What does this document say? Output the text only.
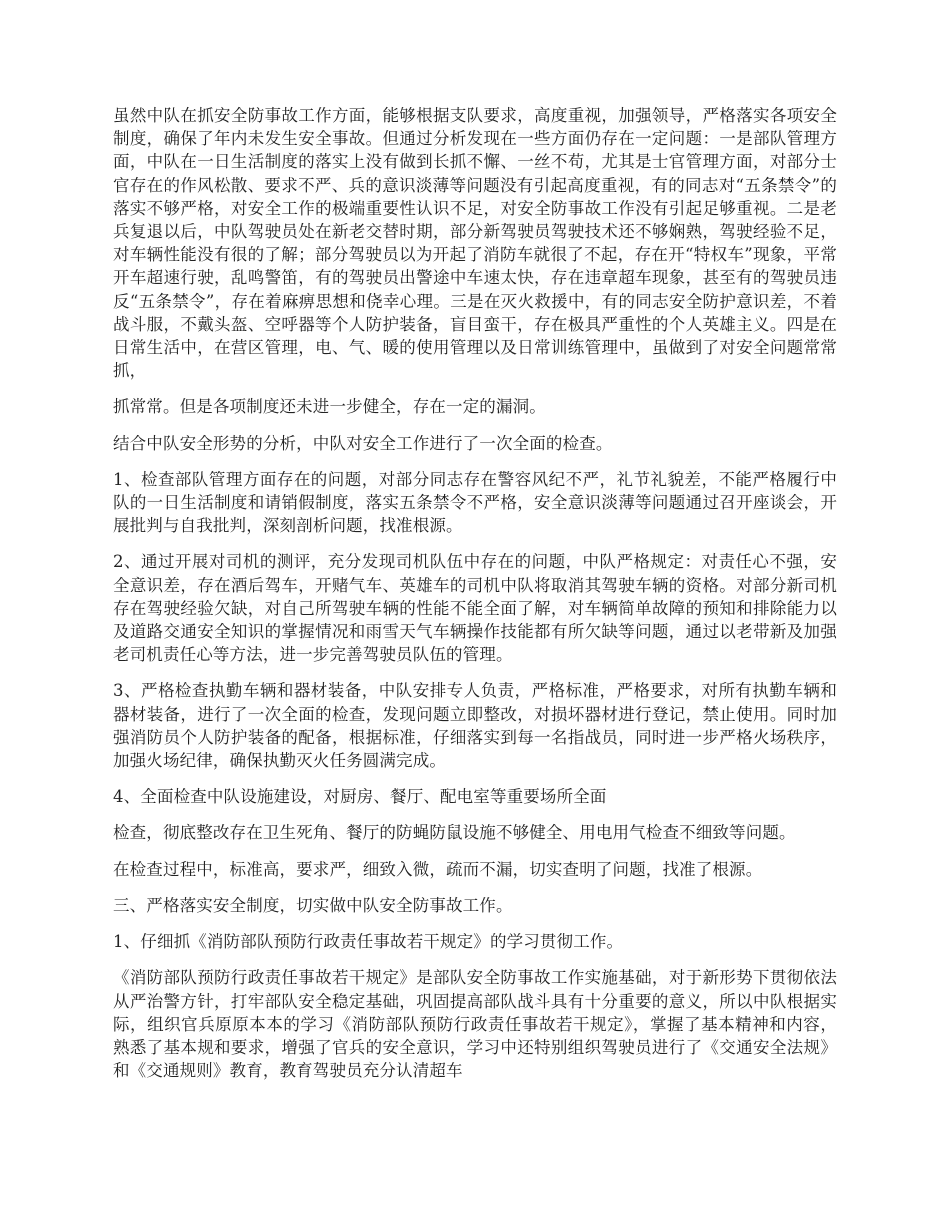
虽然中队在抓安全防事故工作方面，能够根据支队要求，高度重视，加强领导，严格落实各项安全制度，确保了年内未发生安全事故。但通过分析发现在一些方面仍存在一定问题：一是部队管理方面，中队在一日生活制度的落实上没有做到长抓不懈、一丝不苟，尤其是士官管理方面，对部分士官存在的作风松散、要求不严、兵的意识淡薄等问题没有引起高度重视，有的同志对“五条禁令”的落实不够严格，对安全工作的极端重要性认识不足，对安全防事故工作没有引起足够重视。二是老兵复退以后，中队驾驶员处在新老交替时期，部分新驾驶员驾驶技术还不够娴熟，驾驶经验不足，对车辆性能没有很的了解；部分驾驶员以为开起了消防车就很了不起，存在开“特权车”现象，平常开车超速行驶，乱鸣警笛，有的驾驶员出警途中车速太快，存在违章超车现象，甚至有的驾驶员违反“五条禁令”，存在着麻痹思想和侥幸心理。三是在灭火救援中，有的同志安全防护意识差，不着战斗服，不戴头盔、空呼器等个人防护装备，盲目蛮干，存在极具严重性的个人英雄主义。四是在日常生活中，在营区管理，电、气、暖的使用管理以及日常训练管理中，虽做到了对安全问题常常抓，

抓常常。但是各项制度还未进一步健全，存在一定的漏洞。

结合中队安全形势的分析，中队对安全工作进行了一次全面的检查。

1、检查部队管理方面存在的问题，对部分同志存在警容风纪不严，礼节礼貌差，不能严格履行中队的一日生活制度和请销假制度，落实五条禁令不严格，安全意识淡薄等问题通过召开座谈会，开展批判与自我批判，深刻剖析问题，找准根源。

2、通过开展对司机的测评，充分发现司机队伍中存在的问题，中队严格规定：对责任心不强，安全意识差，存在酒后驾车，开赌气车、英雄车的司机中队将取消其驾驶车辆的资格。对部分新司机存在驾驶经验欠缺，对自己所驾驶车辆的性能不能全面了解，对车辆简单故障的预知和排除能力以及道路交通安全知识的掌握情况和雨雪天气车辆操作技能都有所欠缺等问题，通过以老带新及加强老司机责任心等方法，进一步完善驾驶员队伍的管理。

3、严格检查执勤车辆和器材装备，中队安排专人负责，严格标准，严格要求，对所有执勤车辆和器材装备，进行了一次全面的检查，发现问题立即整改，对损坏器材进行登记，禁止使用。同时加强消防员个人防护装备的配备，根据标准，仔细落实到每一名指战员，同时进一步严格火场秩序，加强火场纪律，确保执勤灭火任务圆满完成。

4、全面检查中队设施建设，对厨房、餐厅、配电室等重要场所全面

检查，彻底整改存在卫生死角、餐厅的防蝇防鼠设施不够健全、用电用气检查不细致等问题。

在检查过程中，标准高，要求严，细致入微，疏而不漏，切实查明了问题，找准了根源。

三、严格落实安全制度，切实做中队安全防事故工作。

1、仔细抓《消防部队预防行政责任事故若干规定》的学习贯彻工作。

《消防部队预防行政责任事故若干规定》是部队安全防事故工作实施基础，对于新形势下贯彻依法从严治警方针，打牢部队安全稳定基础，巩固提高部队战斗具有十分重要的意义，所以中队根据实际，组织官兵原原本本的学习《消防部队预防行政责任事故若干规定》，掌握了基本精神和内容，熟悉了基本规和要求，增强了官兵的安全意识，学习中还特别组织驾驶员进行了《交通安全法规》和《交通规则》教育，教育驾驶员充分认清超车
